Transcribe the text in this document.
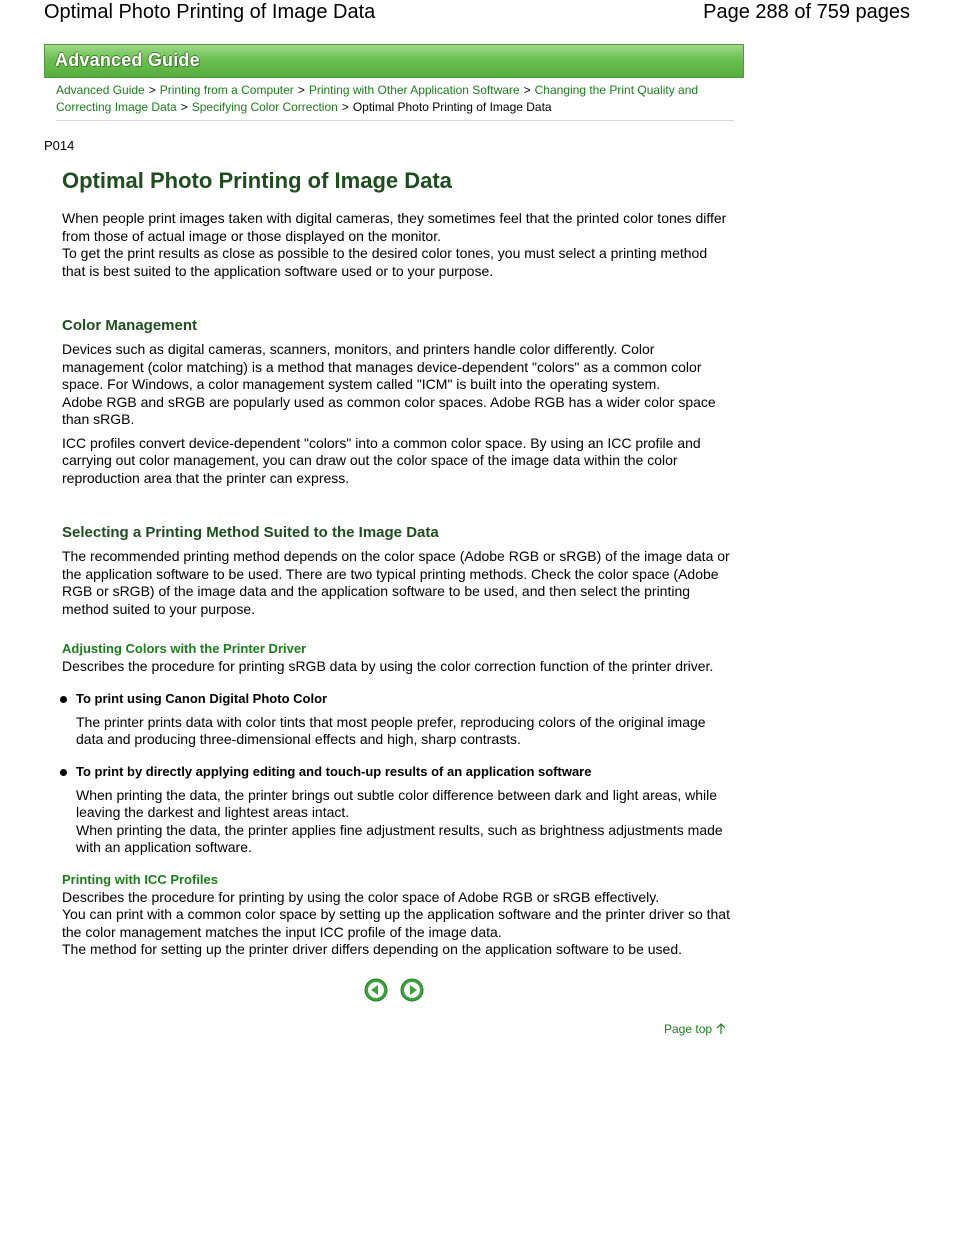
Optimal Photo Printing of Image Data	Page 288 of 759 pages
Advanced Guide
Advanced Guide > Printing from a Computer > Printing with Other Application Software > Changing the Print Quality and Correcting Image Data > Specifying Color Correction > Optimal Photo Printing of Image Data
P014
Optimal Photo Printing of Image Data

When people print images taken with digital cameras, they sometimes feel that the printed color tones differ from those of actual image or those displayed on the monitor.

To get the print results as close as possible to the desired color tones, you must select a printing method that is best suited to the application software used or to your purpose.

Color Management

Devices such as digital cameras, scanners, monitors, and printers handle color differently. Color management (color matching) is a method that manages device-dependent "colors" as a common color space. For Windows, a color management system called "ICM" is built into the operating system.

Adobe RGB and sRGB are popularly used as common color spaces. Adobe RGB has a wider color space than sRGB.

ICC profiles convert device-dependent "colors" into a common color space. By using an ICC profile and carrying out color management, you can draw out the color space of the image data within the color reproduction area that the printer can express.

Selecting a Printing Method Suited to the Image Data

The recommended printing method depends on the color space (Adobe RGB or sRGB) of the image data or the application software to be used. There are two typical printing methods. Check the color space (Adobe RGB or sRGB) of the image data and the application software to be used, and then select the printing method suited to your purpose.

Adjusting Colors with the Printer Driver

Describes the procedure for printing sRGB data by using the color correction function of the printer driver.

To print using Canon Digital Photo Color

The printer prints data with color tints that most people prefer, reproducing colors of the original image data and producing three-dimensional effects and high, sharp contrasts.

To print by directly applying editing and touch-up results of an application software

When printing the data, the printer brings out subtle color difference between dark and light areas, while leaving the darkest and lightest areas intact.

When printing the data, the printer applies fine adjustment results, such as brightness adjustments made with an application software.

Printing with ICC Profiles

Describes the procedure for printing by using the color space of Adobe RGB or sRGB effectively.

You can print with a common color space by setting up the application software and the printer driver so that the color management matches the input ICC profile of the image data.

The method for setting up the printer driver differs depending on the application software to be used.

Page top
